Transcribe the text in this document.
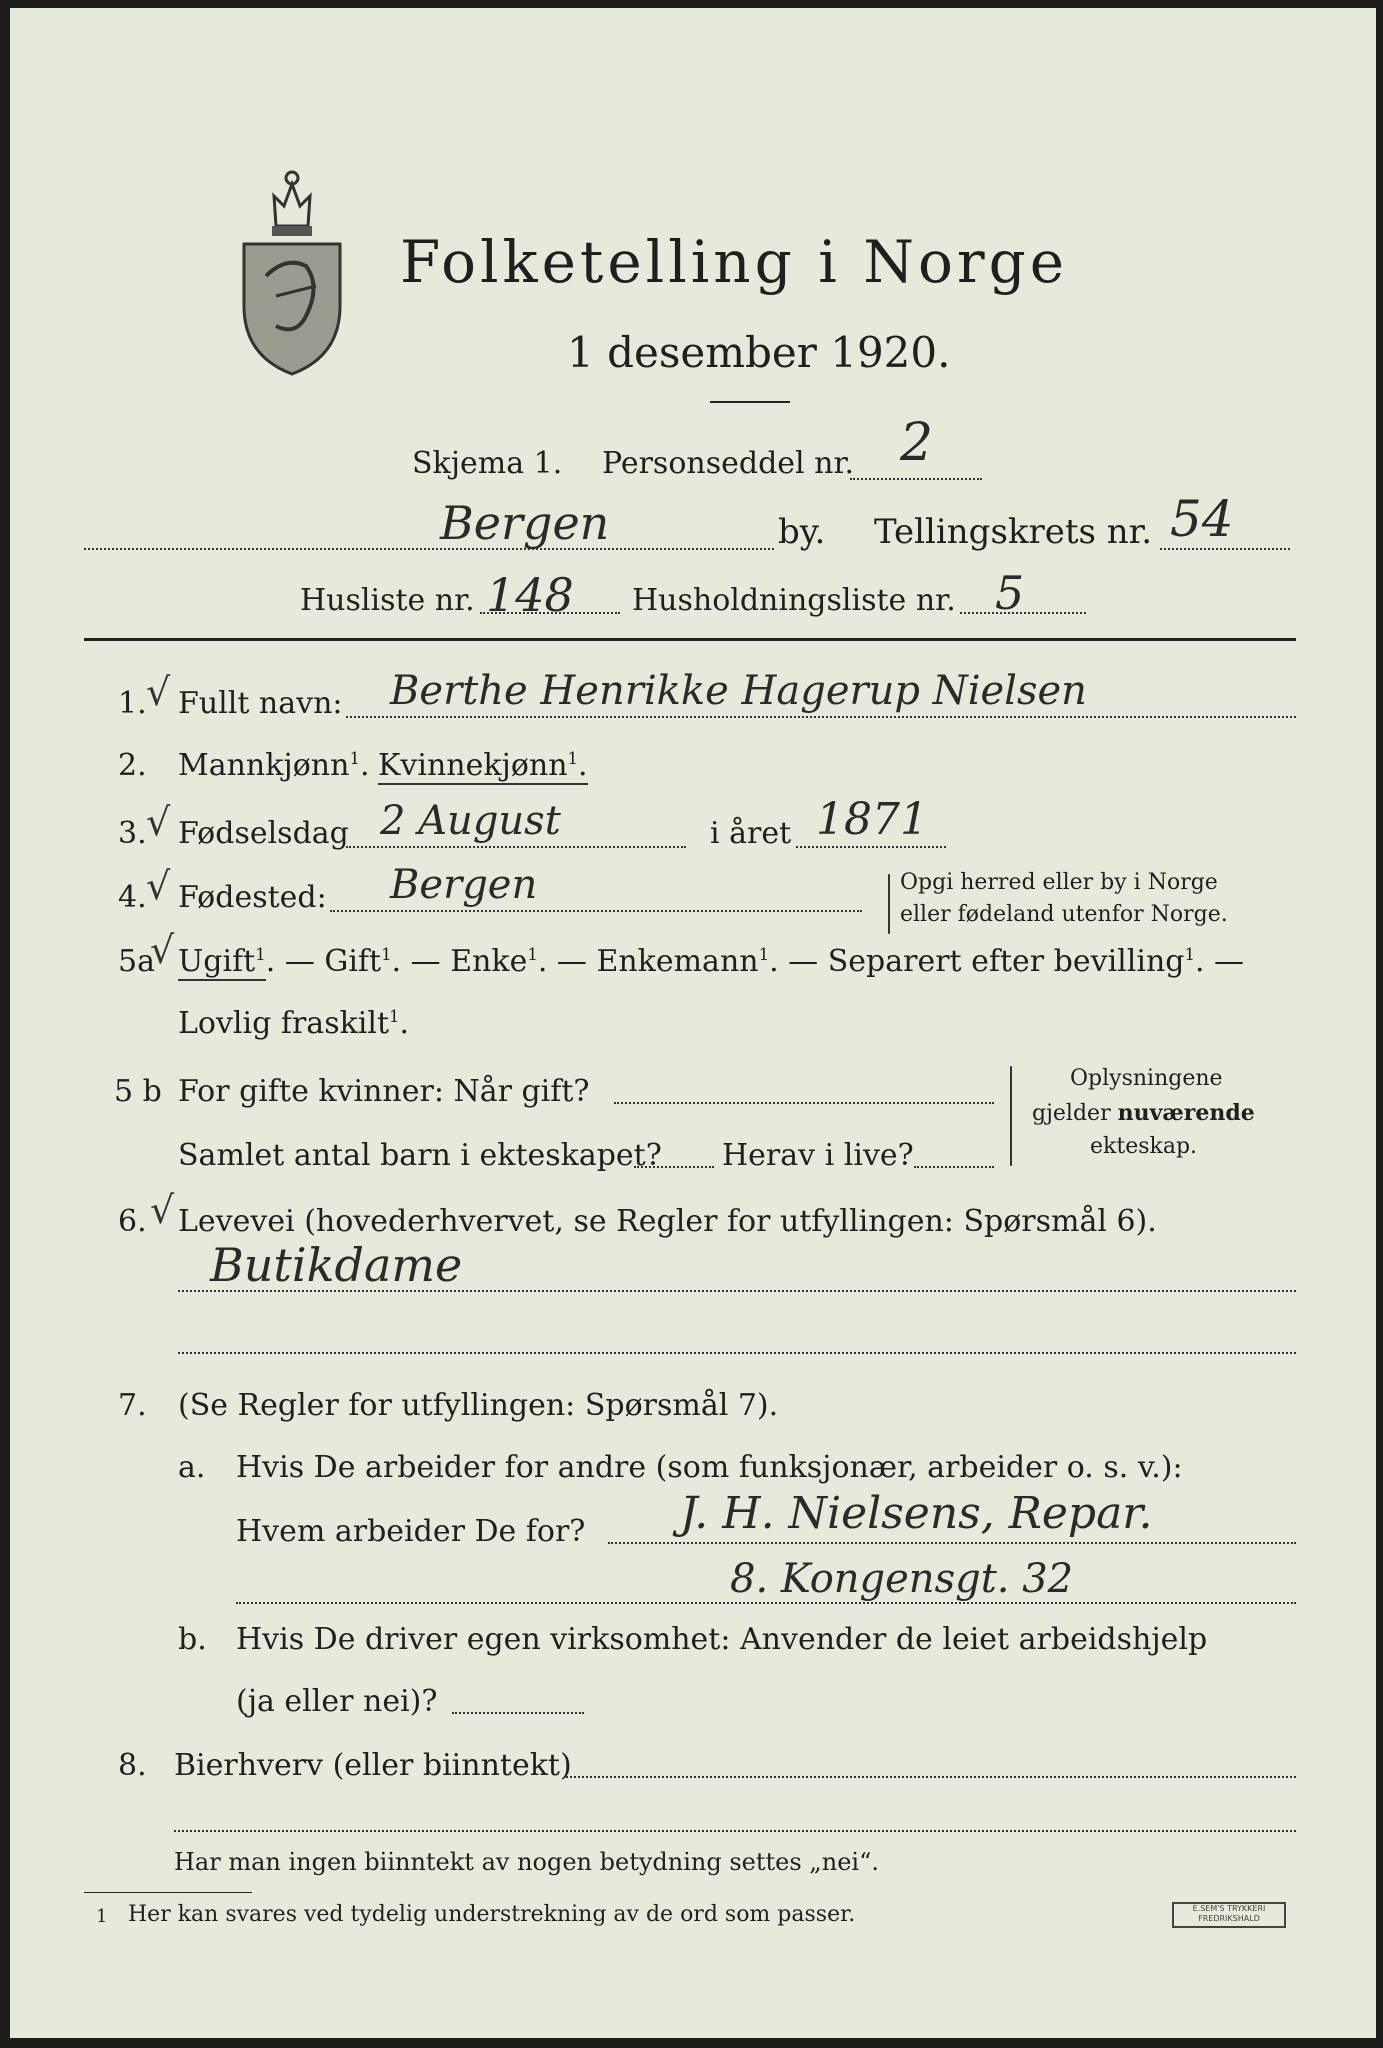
Folketelling i Norge
1 desember 1920.
Skjema 1. Personseddel nr. 2
Bergen	by. Tellingskrets nr. 54
Husliste nr. 148 Husholdningsliste nr. 5
1. √ Fullt navn: Berthe Henrikke Hagerup Nielsen
2. Mannkjønn$^1$. Kvinnekjønn$^1$.
3. √ Fødselsdag 2 August	i året 1871
4. √ Fødested: Bergen	Opgi herred eller by i Norge
eller fødeland utenfor Norge.
5a
√ Ugift$^1$. — Gift$^1$. — Enke$^1$. — Enkemann$^1$. — Separert efter bevilling$^1$. —
Lovlig fraskilt$^1$.
5 b For gifte kvinner: Når gift?
Samlet antal barn i ekteskapet? Herav i live?
Oplysningene
gjelder nuværende
ekteskap.
6. √ Levevei (hovederhvervet, se Regler for utfyllingen: Spørsmål 6).
Butikdame
7. (Se Regler for utfyllingen: Spørsmål 7).
a. Hvis De arbeider for andre (som funksjonær, arbeider o. s. v.):
Hvem arbeider De for? J. H. Nielsens, Repar.
8. Kongensgt. 32
b. Hvis De driver egen virksomhet: Anvender de leiet arbeidshjelp
(ja eller nei)?
8. Bierhverv (eller biinntekt)
Har man ingen biinntekt av nogen betydning settes „nei“.
1 Her kan svares ved tydelig understrekning av de ord som passer.	E.SEM'S TRYKKERI FREDRIKSHALD
